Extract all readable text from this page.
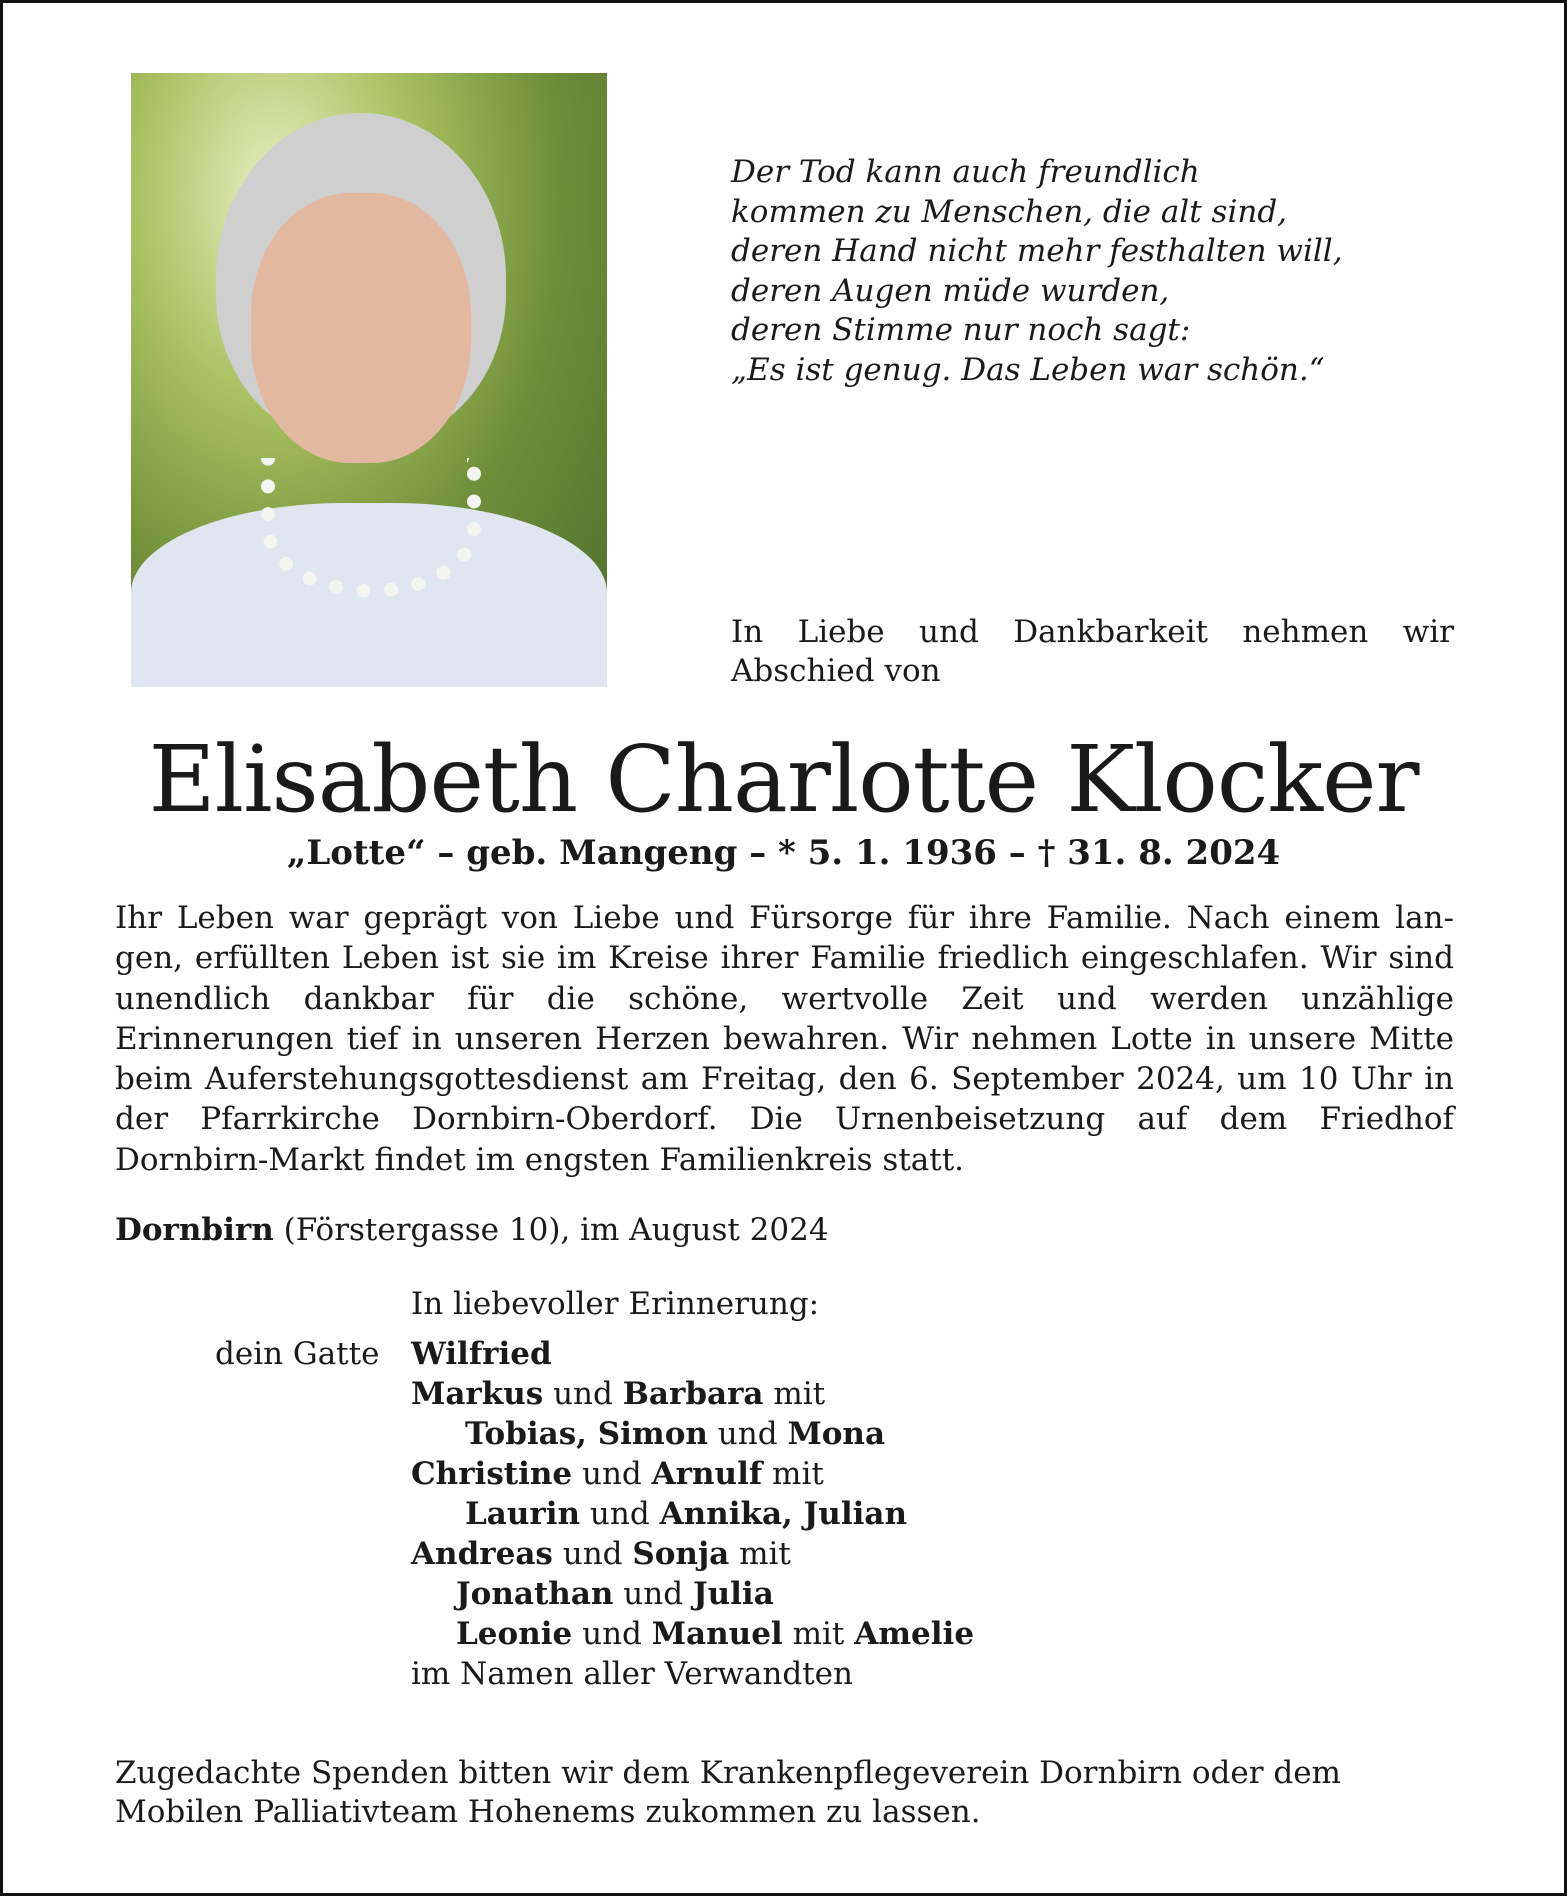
Der Tod kann auch freundlich
kommen zu Menschen, die alt sind,
deren Hand nicht mehr festhalten will,
deren Augen müde wurden,
deren Stimme nur noch sagt:
„Es ist genug. Das Leben war schön.“
In Liebe und Dankbarkeit nehmen wir Abschied von
Elisabeth Charlotte Klocker
„Lotte“ – geb. Mangeng – * 5. 1. 1936 – † 31. 8. 2024
Ihr Leben war geprägt von Liebe und Fürsorge für ihre Familie. Nach einem lan-gen, erfüllten Leben ist sie im Kreise ihrer Familie friedlich eingeschlafen. Wir sind unendlich dankbar für die schöne, wertvolle Zeit und werden unzählige Erinnerungen tief in unseren Herzen bewahren. Wir nehmen Lotte in unsere Mitte beim Auferstehungsgottesdienst am Freitag, den 6. September 2024, um 10 Uhr in der Pfarrkirche Dornbirn-Oberdorf. Die Urnenbeisetzung auf dem Friedhof Dornbirn-Markt findet im engsten Familienkreis statt.
Dornbirn (Förstergasse 10), im August 2024
In liebevoller Erinnerung:
dein Gatte Wilfried
Markus und Barbara mit
Tobias, Simon und Mona
Christine und Arnulf mit
Laurin und Annika, Julian
Andreas und Sonja mit
Jonathan und Julia
Leonie und Manuel mit Amelie
im Namen aller Verwandten
Zugedachte Spenden bitten wir dem Krankenpflegeverein Dornbirn oder dem Mobilen Palliativteam Hohenems zukommen zu lassen.
